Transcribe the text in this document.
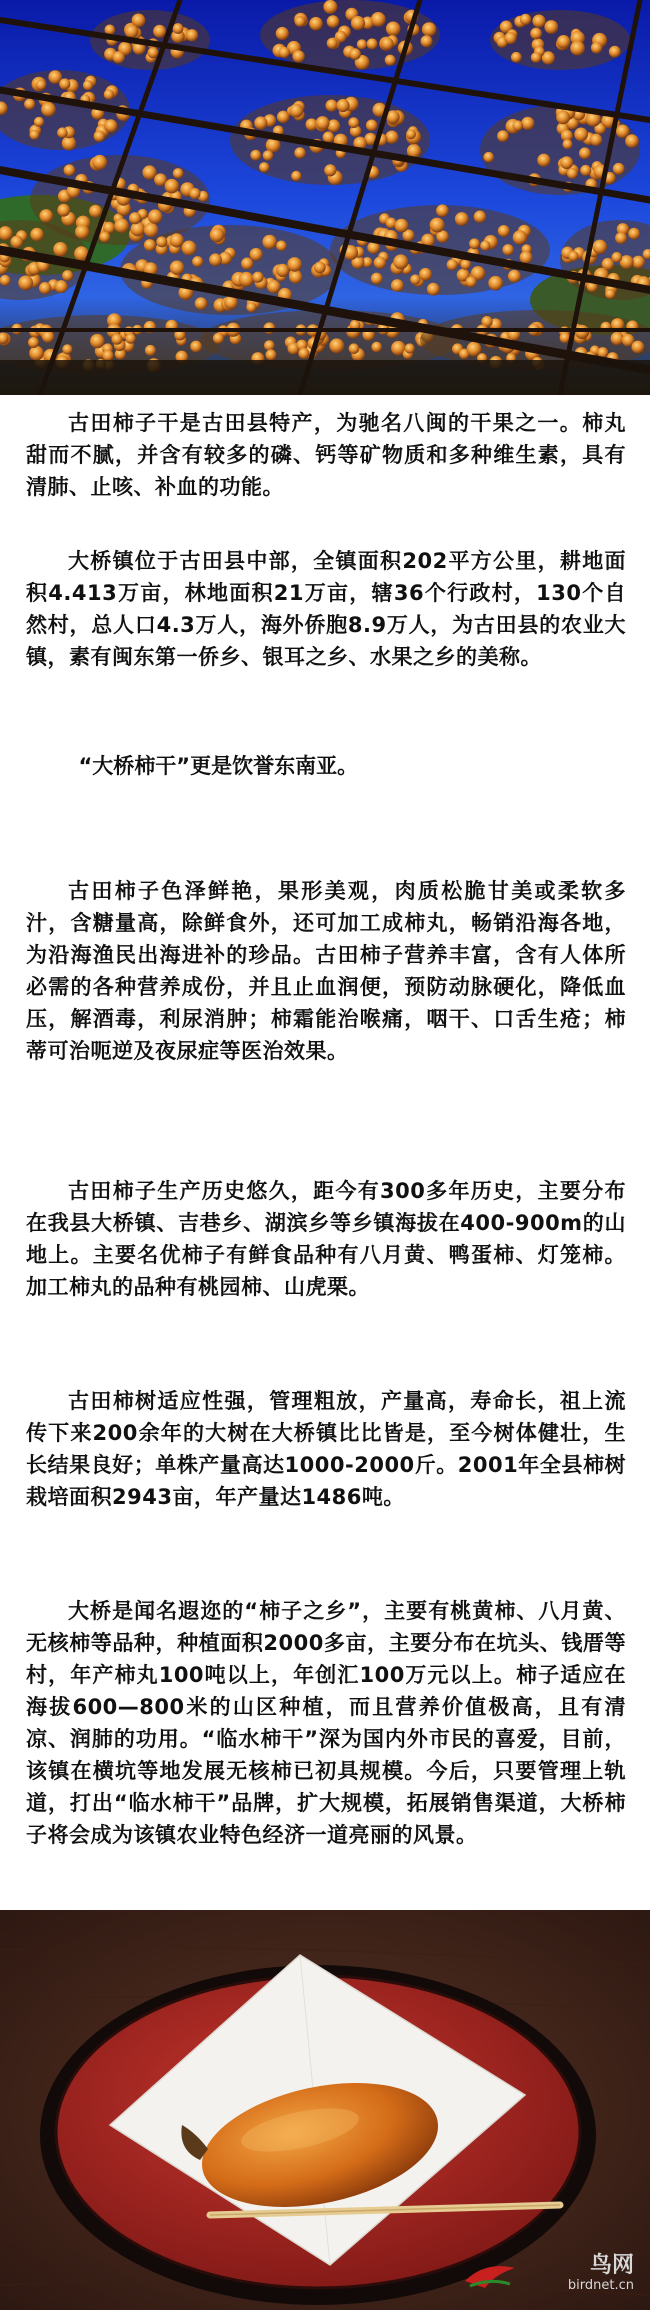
古田柿子干是古田县特产，为驰名八闽的干果之一。柿丸甜而不腻，并含有较多的磷、钙等矿物质和多种维生素，具有清肺、止咳、补血的功能。

大桥镇位于古田县中部，全镇面积202平方公里，耕地面积4.413万亩，林地面积21万亩，辖36个行政村，130个自然村，总人口4.3万人，海外侨胞8.9万人，为古田县的农业大镇，素有闽东第一侨乡、银耳之乡、水果之乡的美称。

“大桥柿干”更是饮誉东南亚。

古田柿子色泽鲜艳，果形美观，肉质松脆甘美或柔软多汁，含糖量高，除鲜食外，还可加工成柿丸，畅销沿海各地，为沿海渔民出海进补的珍品。古田柿子营养丰富，含有人体所必需的各种营养成份，并且止血润便，预防动脉硬化，降低血压，解酒毒，利尿消肿；柿霜能治喉痛，咽干、口舌生疮；柿蒂可治呃逆及夜尿症等医治效果。

古田柿子生产历史悠久，距今有300多年历史，主要分布在我县大桥镇、吉巷乡、湖滨乡等乡镇海拔在400-900m的山地上。主要名优柿子有鲜食品种有八月黄、鸭蛋柿、灯笼柿。加工柿丸的品种有桃园柿、山虎栗。

古田柿树适应性强，管理粗放，产量高，寿命长，祖上流传下来200余年的大树在大桥镇比比皆是，至今树体健壮，生长结果良好；单株产量高达1000-2000斤。2001年全县柿树栽培面积2943亩，年产量达1486吨。

大桥是闻名遐迩的“柿子之乡”，主要有桃黄柿、八月黄、无核柿等品种，种植面积2000多亩，主要分布在坑头、钱厝等村，年产柿丸100吨以上，年创汇100万元以上。柿子适应在海拔600—800米的山区种植，而且营养价值极高，且有清凉、润肺的功用。“临水柿干”深为国内外市民的喜爱，目前，该镇在横坑等地发展无核柿已初具规模。今后，只要管理上轨道，打出“临水柿干”品牌，扩大规模，拓展销售渠道，大桥柿子将会成为该镇农业特色经济一道亮丽的风景。

鸟网
birdnet.cn
